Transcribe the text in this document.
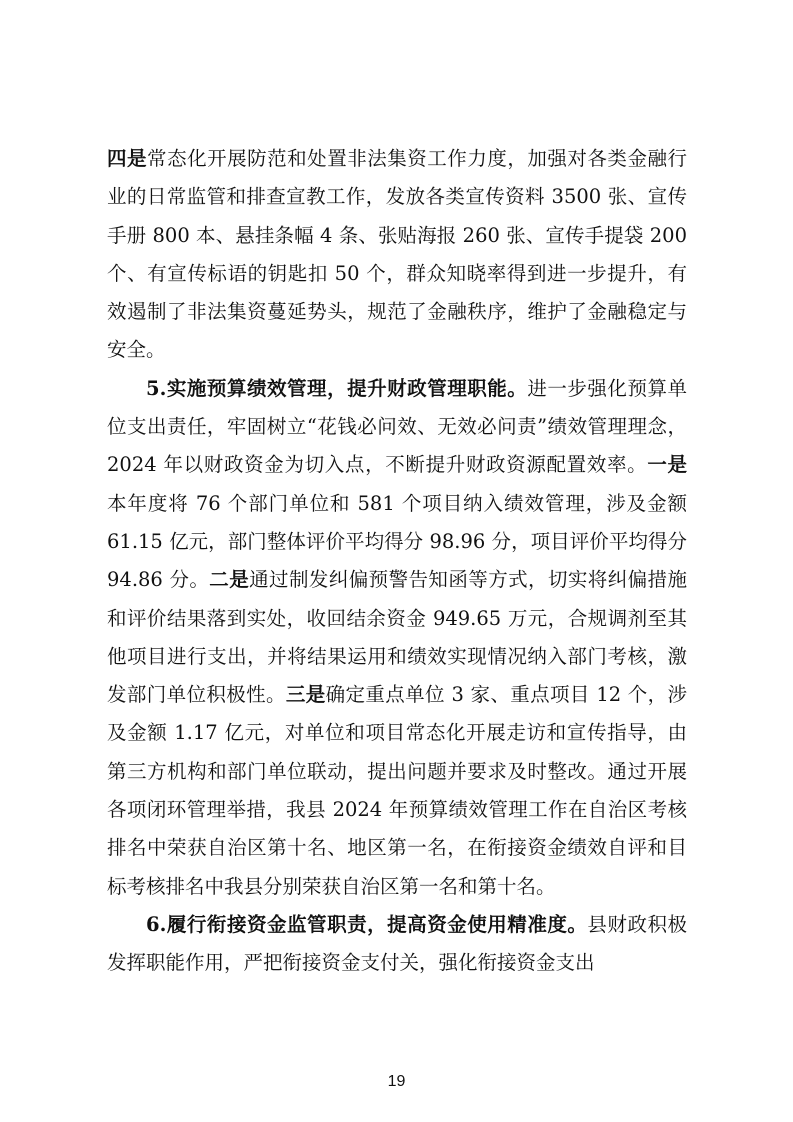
四是常态化开展防范和处置非法集资工作力度，加强对各类金融行业的日常监管和排查宣教工作，发放各类宣传资料 3500 张、宣传手册 800 本、悬挂条幅 4 条、张贴海报 260 张、宣传手提袋 200 个、有宣传标语的钥匙扣 50 个，群众知晓率得到进一步提升，有效遏制了非法集资蔓延势头，规范了金融秩序，维护了金融稳定与安全。

5.实施预算绩效管理，提升财政管理职能。进一步强化预算单位支出责任，牢固树立“花钱必问效、无效必问责”绩效管理理念，2024 年以财政资金为切入点，不断提升财政资源配置效率。一是本年度将 76 个部门单位和 581 个项目纳入绩效管理，涉及金额 61.15 亿元，部门整体评价平均得分 98.96 分，项目评价平均得分 94.86 分。二是通过制发纠偏预警告知函等方式，切实将纠偏措施和评价结果落到实处，收回结余资金 949.65 万元，合规调剂至其他项目进行支出，并将结果运用和绩效实现情况纳入部门考核，激发部门单位积极性。三是确定重点单位 3 家、重点项目 12 个，涉及金额 1.17 亿元，对单位和项目常态化开展走访和宣传指导，由第三方机构和部门单位联动，提出问题并要求及时整改。通过开展各项闭环管理举措，我县 2024 年预算绩效管理工作在自治区考核排名中荣获自治区第十名、地区第一名，在衔接资金绩效自评和目标考核排名中我县分别荣获自治区第一名和第十名。

6.履行衔接资金监管职责，提高资金使用精准度。县财政积极发挥职能作用，严把衔接资金支付关，强化衔接资金支出

19
